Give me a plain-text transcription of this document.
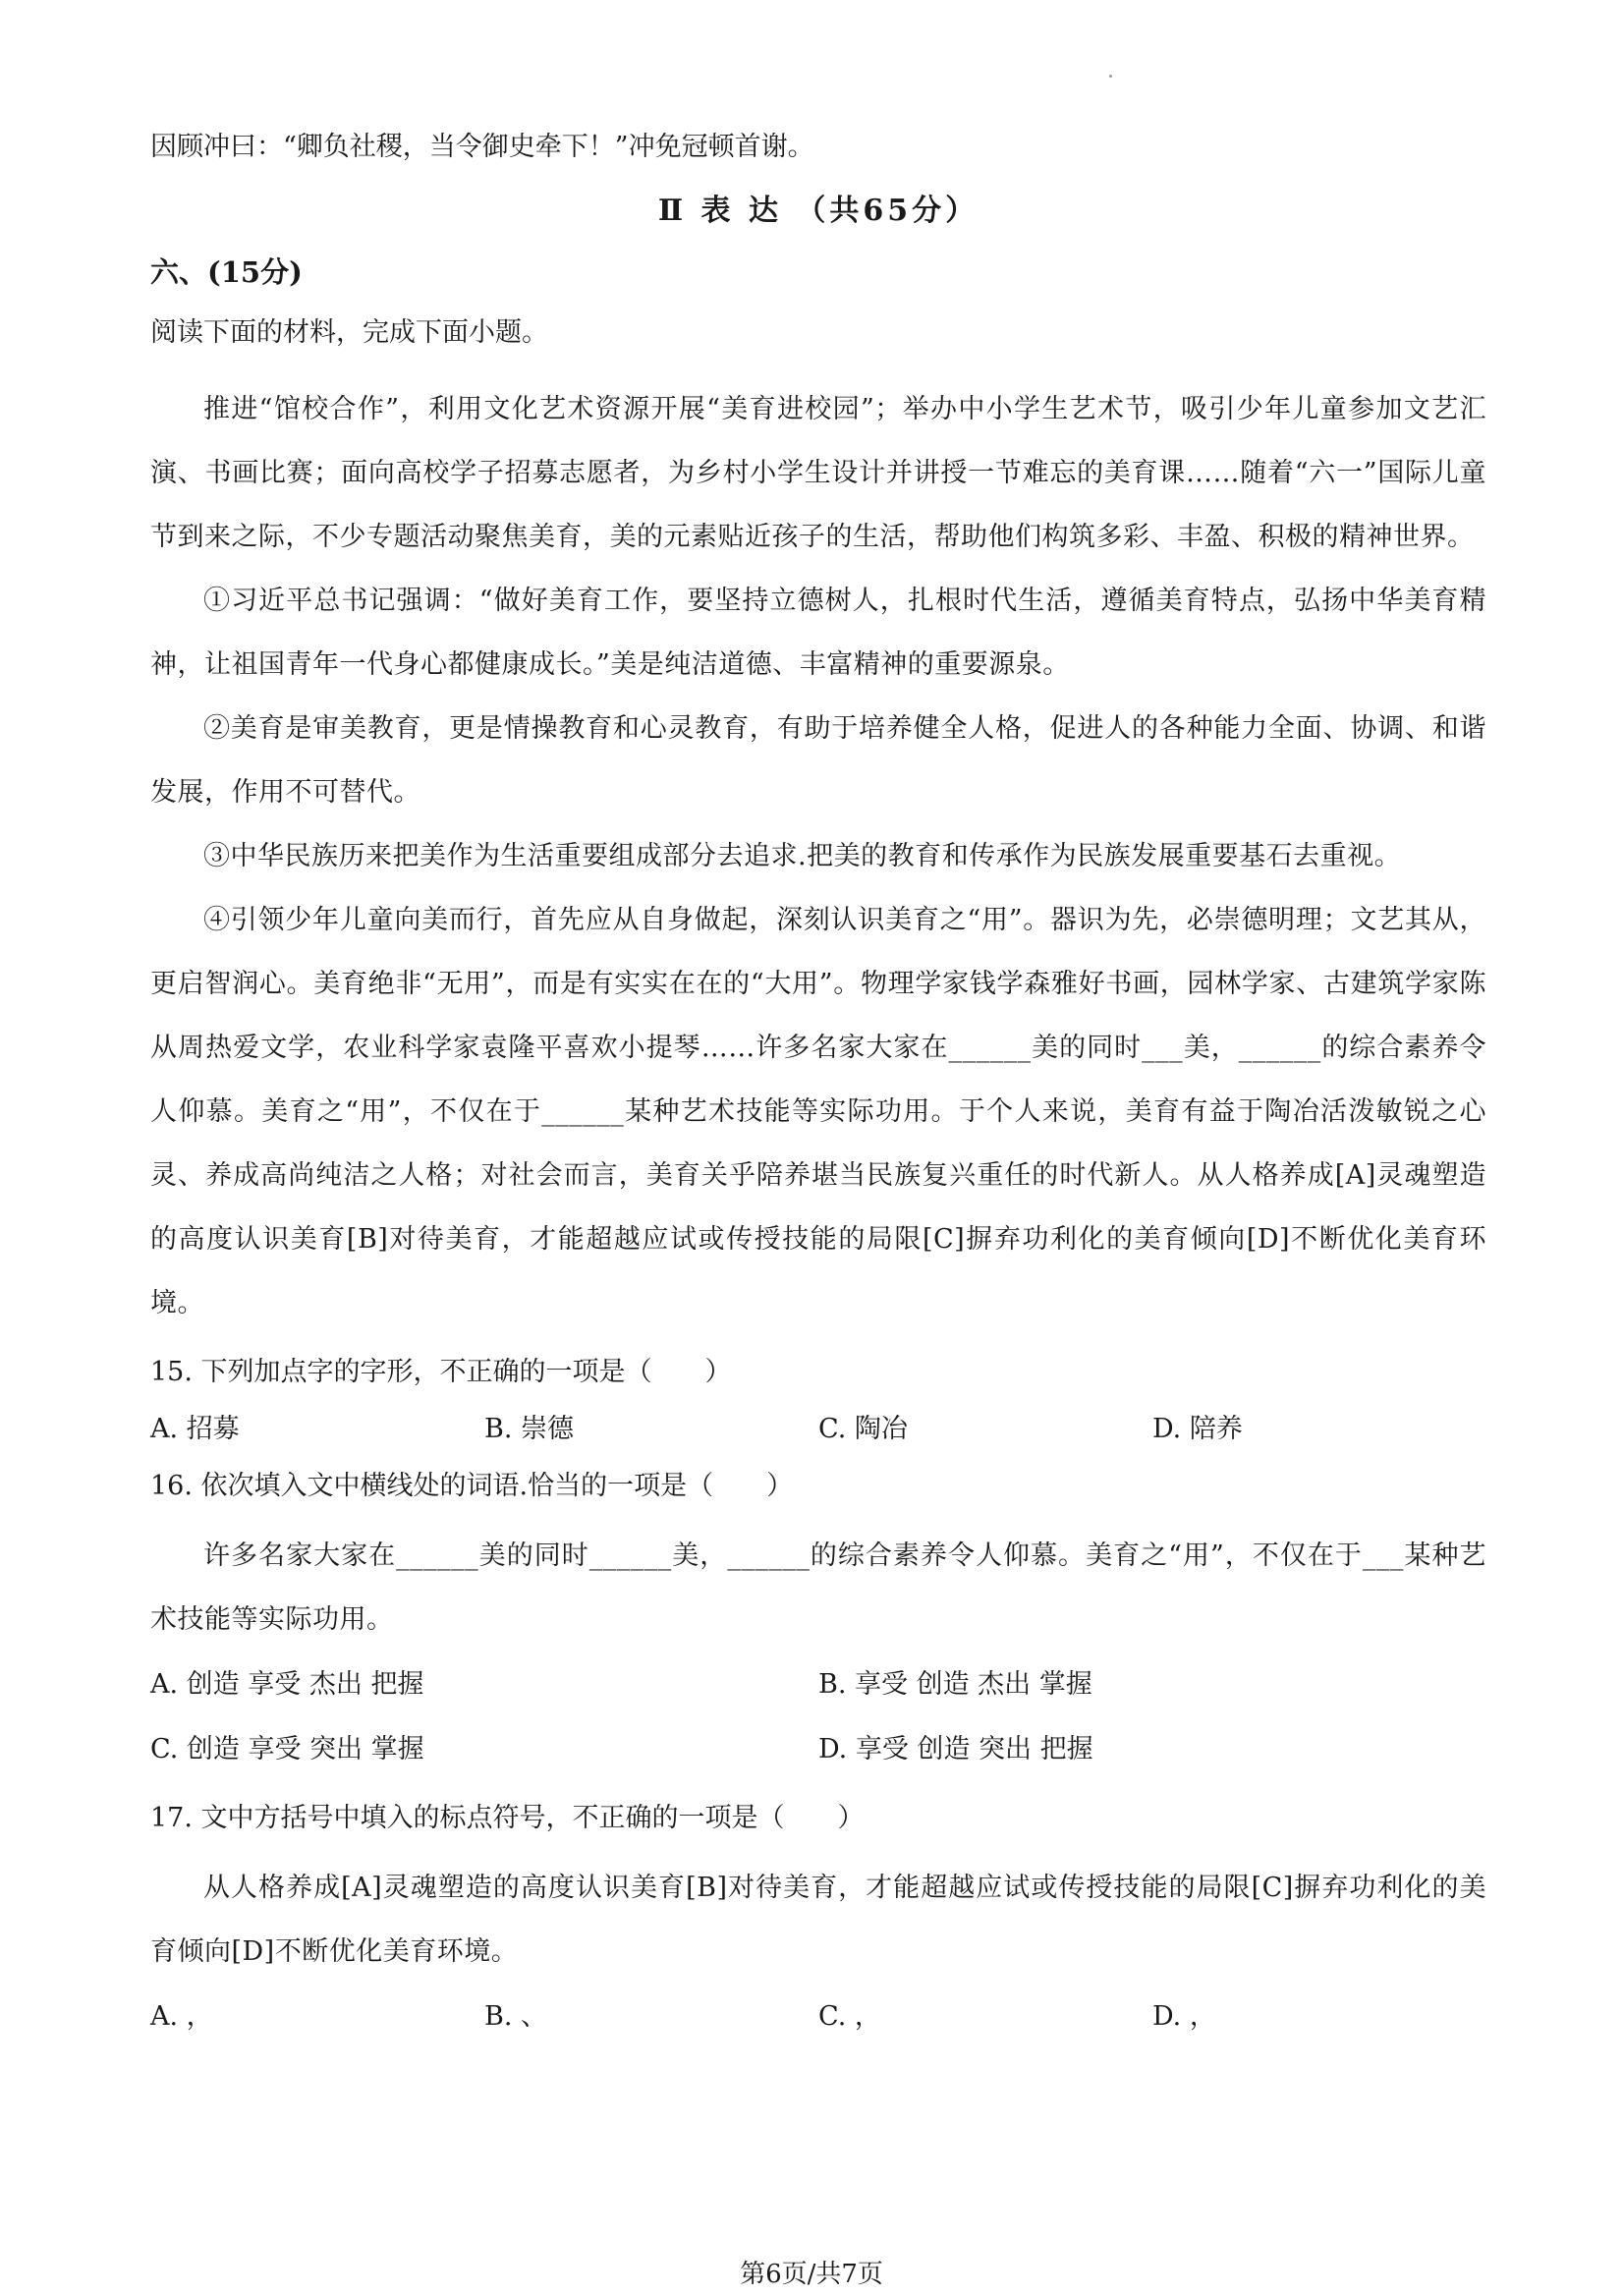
因顾冲曰：“卿负社稷，当令御史牵下！”冲免冠顿首谢。
Ⅱ 表 达 （共65分）
六、(15分)
阅读下面的材料，完成下面小题。

推进“馆校合作”，利用文化艺术资源开展“美育进校园”；举办中小学生艺术节，吸引少年儿童参加文艺汇演、书画比赛；面向高校学子招募志愿者，为乡村小学生设计并讲授一节难忘的美育课……随着“六一”国际儿童节到来之际，不少专题活动聚焦美育，美的元素贴近孩子的生活，帮助他们构筑多彩、丰盈、积极的精神世界。

①习近平总书记强调：“做好美育工作，要坚持立德树人，扎根时代生活，遵循美育特点，弘扬中华美育精神，让祖国青年一代身心都健康成长。”美是纯洁道德、丰富精神的重要源泉。

②美育是审美教育，更是情操教育和心灵教育，有助于培养健全人格，促进人的各种能力全面、协调、和谐发展，作用不可替代。

③中华民族历来把美作为生活重要组成部分去追求.把美的教育和传承作为民族发展重要基石去重视。

④引领少年儿童向美而行，首先应从自身做起，深刻认识美育之“用”。器识为先，必崇德明理；文艺其从，更启智润心。美育绝非“无用”，而是有实实在在的“大用”。物理学家钱学森雅好书画，园林学家、古建筑学家陈从周热爱文学，农业科学家袁隆平喜欢小提琴……许多名家大家在______美的同时___美，______的综合素养令人仰慕。美育之“用”，不仅在于______某种艺术技能等实际功用。于个人来说，美育有益于陶冶活泼敏锐之心灵、养成高尚纯洁之人格；对社会而言，美育关乎陪养堪当民族复兴重任的时代新人。从人格养成[A]灵魂塑造的高度认识美育[B]对待美育，才能超越应试或传授技能的局限[C]摒弃功利化的美育倾向[D]不断优化美育环境。

15. 下列加点字的字形，不正确的一项是（　　）
A. 招募	B. 崇德	C. 陶冶	D. 陪养
16. 依次填入文中横线处的词语.恰当的一项是（　　）

许多名家大家在______美的同时______美，______的综合素养令人仰慕。美育之“用”，不仅在于___某种艺术技能等实际功用。

A. 创造 享受 杰出 把握	B. 享受 创造 杰出 掌握
C. 创造 享受 突出 掌握	D. 享受 创造 突出 把握
17. 文中方括号中填入的标点符号，不正确的一项是（　　）

从人格养成[A]灵魂塑造的高度认识美育[B]对待美育，才能超越应试或传授技能的局限[C]摒弃功利化的美育倾向[D]不断优化美育环境。

A. ，	B. 、	C. ，	D. ，
第6页/共7页
